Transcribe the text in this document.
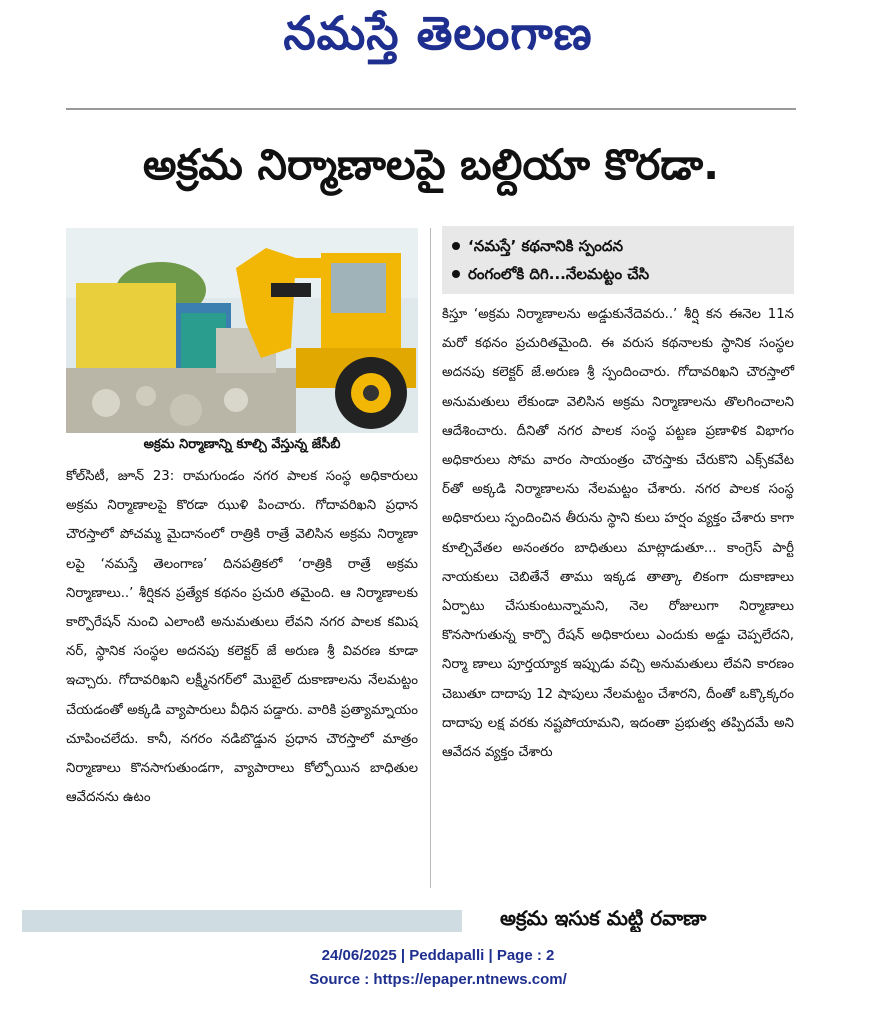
నమస్తే తెలంగాణ
అక్రమ నిర్మాణాలపై బల్దియా కొరడా.
అక్రమ నిర్మాణాన్ని కూల్చి వేస్తున్న జేసీబీ
‘నమస్తే’ కథనానికి స్పందన
రంగంలోకి దిగి...నేలమట్టం చేసి

కోల్‌సిటీ, జూన్ 23: రామగుండం నగర పాలక సంస్థ అధికారులు అక్రమ నిర్మాణాలపై కొరడా ఝుళి పించారు. గోదావరిఖని ప్రధాన చౌరస్తాలో పోచమ్మ మైదానంలో రాత్రికి రాత్రే వెలిసిన అక్రమ నిర్మాణా లపై ‘నమస్తే తెలంగాణ’ దినపత్రికలో ‘రాత్రికి రాత్రే అక్రమ నిర్మాణాలు..’ శీర్షికన ప్రత్యేక కథనం ప్రచురి తమైంది. ఆ నిర్మాణాలకు కార్పొరేషన్ నుంచి ఎలాంటి అనుమతులు లేవని నగర పాలక కమిష నర్, స్థానిక సంస్థల అదనపు కలెక్టర్ జే అరుణ శ్రీ వివరణ కూడా ఇచ్చారు. గోదావరిఖని లక్ష్మీనగర్‌లో మొబైల్ దుకాణాలను నేలమట్టం చేయడంతో అక్కడి వ్యాపారులు వీధిన పడ్డారు. వారికి ప్రత్యామ్నాయం చూపించలేదు. కానీ, నగరం నడిబొడ్డున ప్రధాన చౌరస్తాలో మాత్రం నిర్మాణాలు కొనసాగుతుండగా, వ్యాపారాలు కోల్పోయిన బాధితుల ఆవేదనను ఉటం

కిస్తూ ‘అక్రమ నిర్మాణాలను అడ్డుకునేదెవరు..’ శీర్షి కన ఈనెల 11న మరో కథనం ప్రచురితమైంది. ఈ వరుస కథనాలకు స్థానిక సంస్థల అదనపు కలెక్టర్ జే.అరుణ శ్రీ స్పందించారు. గోదావరిఖని చౌరస్తాలో అనుమతులు లేకుండా వెలిసిన అక్రమ నిర్మాణాలను తొలగించాలని ఆదేశించారు. దీనితో నగర పాలక సంస్థ పట్టణ ప్రణాళిక విభాగం అధికారులు సోమ వారం సాయంత్రం చౌరస్తాకు చేరుకొని ఎక్స్‌కవేట ర్‌తో అక్కడి నిర్మాణాలను నేలమట్టం చేశారు. నగర పాలక సంస్థ అధికారులు స్పందించిన తీరును స్థాని కులు హర్షం వ్యక్తం చేశారు కాగా కూల్చివేతల అనంతరం బాధితులు మాట్లాడుతూ... కాంగ్రెస్ పార్టీ నాయకులు చెబితేనే తాము ఇక్కడ తాత్కా లికంగా దుకాణాలు ఏర్పాటు చేసుకుంటున్నామని, నెల రోజులుగా నిర్మాణాలు కొనసాగుతున్న కార్పొ రేషన్ అధికారులు ఎందుకు అడ్డు చెప్పలేదని, నిర్మా ణాలు పూర్తయ్యాక ఇప్పుడు వచ్చి అనుమతులు లేవని కారణం చెబుతూ దాదాపు 12 షాపులు నేలమట్టం చేశారని, దీంతో ఒక్కొక్కరం దాదాపు లక్ష వరకు నష్టపోయామని, ఇదంతా ప్రభుత్వ తప్పిదమే అని ఆవేదన వ్యక్తం చేశారు

అక్రమ ఇసుక మట్టి రవాణా
24/06/2025 | Peddapalli | Page : 2
Source : https://epaper.ntnews.com/
